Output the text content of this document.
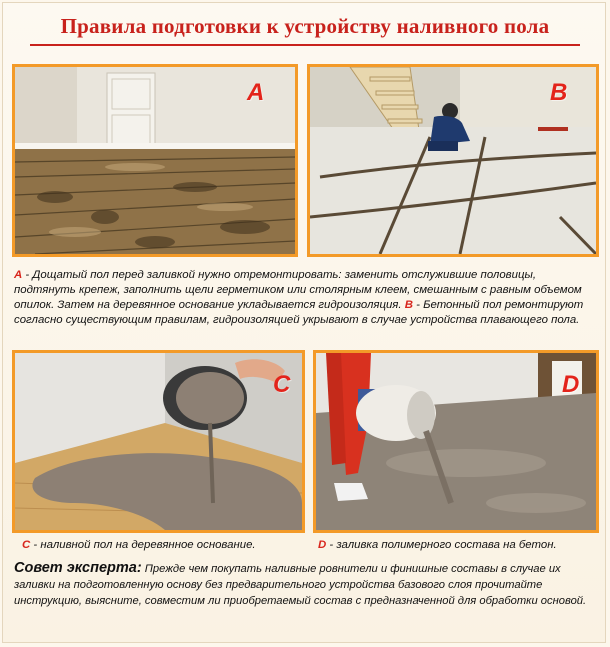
Правила подготовки к устройству наливного пола
A	B
A - Дощатый пол перед заливкой нужно отремонтировать: заменить отслужившие половицы, подтянуть крепеж, заполнить щели герметиком или столярным клеем, смешанным с равным объемом опилок. Затем на деревянное основание укладывается гидроизоляция. B - Бетонный пол ремонтируют согласно существующим правилам, гидроизоляцией укрывают в случае устройства плавающего пола.
C	D
C - наливной пол на деревянное основание.	D - заливка полимерного состава на бетон.
Совет эксперта: Прежде чем покупать наливные ровнители и финишные составы в случае их заливки на подготовленную основу без предварительного устройства базового слоя прочитайте инструкцию, выясните, совместим ли приобретаемый состав с предназначенной для обработки основой.
